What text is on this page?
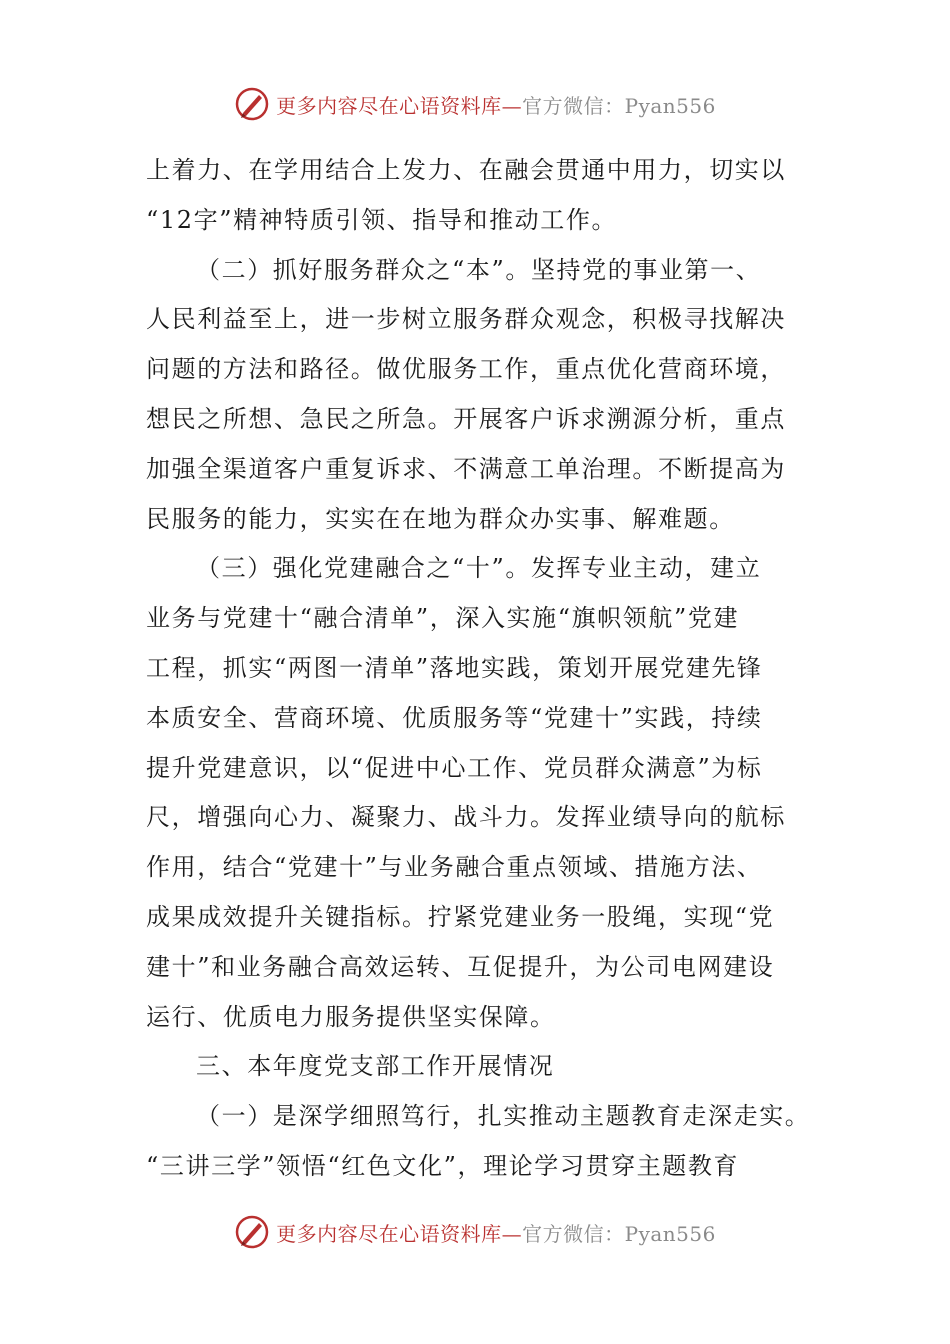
更多内容尽在心语资料库—官方微信：Pyan556
上着力、在学用结合上发力、在融会贯通中用力，切实以
“12字”精神特质引领、指导和推动工作。
（二）抓好服务群众之“本”。坚持党的事业第一、
人民利益至上，进一步树立服务群众观念，积极寻找解决
问题的方法和路径。做优服务工作，重点优化营商环境，
想民之所想、急民之所急。开展客户诉求溯源分析，重点
加强全渠道客户重复诉求、不满意工单治理。不断提高为
民服务的能力，实实在在地为群众办实事、解难题。
（三）强化党建融合之“十”。发挥专业主动，建立
业务与党建十“融合清单”，深入实施“旗帜领航”党建
工程，抓实“两图一清单”落地实践，策划开展党建先锋
本质安全、营商环境、优质服务等“党建十”实践，持续
提升党建意识，以“促进中心工作、党员群众满意”为标
尺，增强向心力、凝聚力、战斗力。发挥业绩导向的航标
作用，结合“党建十”与业务融合重点领域、措施方法、
成果成效提升关键指标。拧紧党建业务一股绳，实现“党
建十”和业务融合高效运转、互促提升，为公司电网建设
运行、优质电力服务提供坚实保障。
三、本年度党支部工作开展情况
（一）是深学细照笃行，扎实推动主题教育走深走实。
“三讲三学”领悟“红色文化”，理论学习贯穿主题教育
更多内容尽在心语资料库—官方微信：Pyan556
